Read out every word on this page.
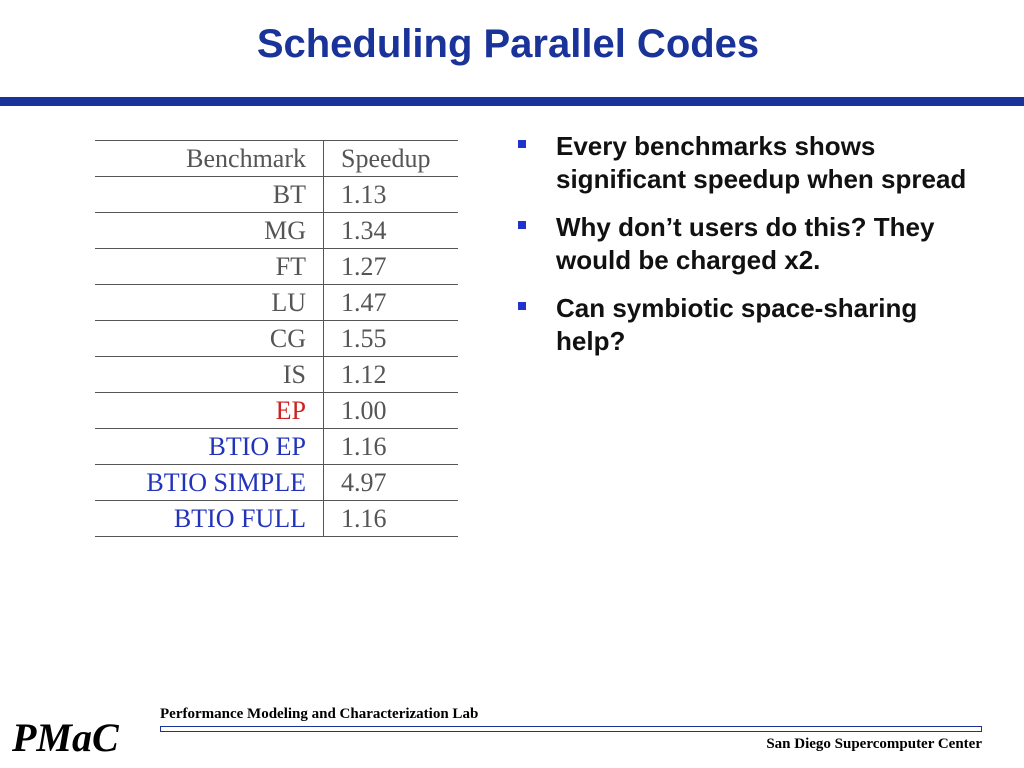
Scheduling Parallel Codes
Benchmark	Speedup
BT	1.13
MG	1.34
FT	1.27
LU	1.47
CG	1.55
IS	1.12
EP	1.00
BTIO EP	1.16
BTIO SIMPLE	4.97
BTIO FULL	1.16
Every benchmarks shows significant speedup when spread
Why don’t users do this? They would be charged x2.
Can symbiotic space-sharing help?
PMaC
Performance Modeling and Characterization Lab
San Diego Supercomputer Center
